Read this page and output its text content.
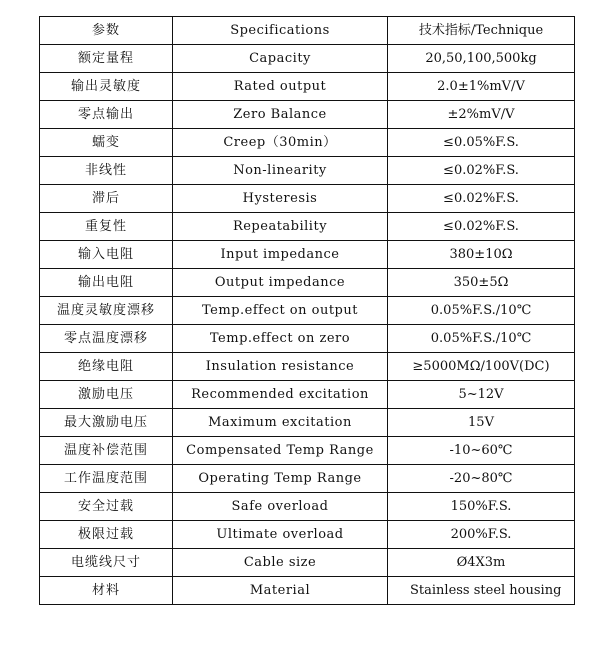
参数	Specifications	技术指标/Technique
额定量程	Capacity	20,50,100,500kg
输出灵敏度	Rated output	2.0±1%mV/V
零点输出	Zero Balance	±2%mV/V
蠕变	Creep（30min）	≤0.05%F.S.
非线性	Non-linearity	≤0.02%F.S.
滞后	Hysteresis	≤0.02%F.S.
重复性	Repeatability	≤0.02%F.S.
输入电阻	Input impedance	380±10Ω
输出电阻	Output impedance	350±5Ω
温度灵敏度漂移	Temp.effect on output	0.05%F.S./10℃
零点温度漂移	Temp.effect on zero	0.05%F.S./10℃
绝缘电阻	Insulation resistance	≥5000MΩ/100V(DC)
激励电压	Recommended excitation	5~12V
最大激励电压	Maximum excitation	15V
温度补偿范围	Compensated Temp Range	-10~60℃
工作温度范围	Operating Temp Range	-20~80℃
安全过载	Safe overload	150%F.S.
极限过载	Ultimate overload	200%F.S.
电缆线尺寸	Cable size	Ø4X3m
材料	Material	Stainless steel housing
